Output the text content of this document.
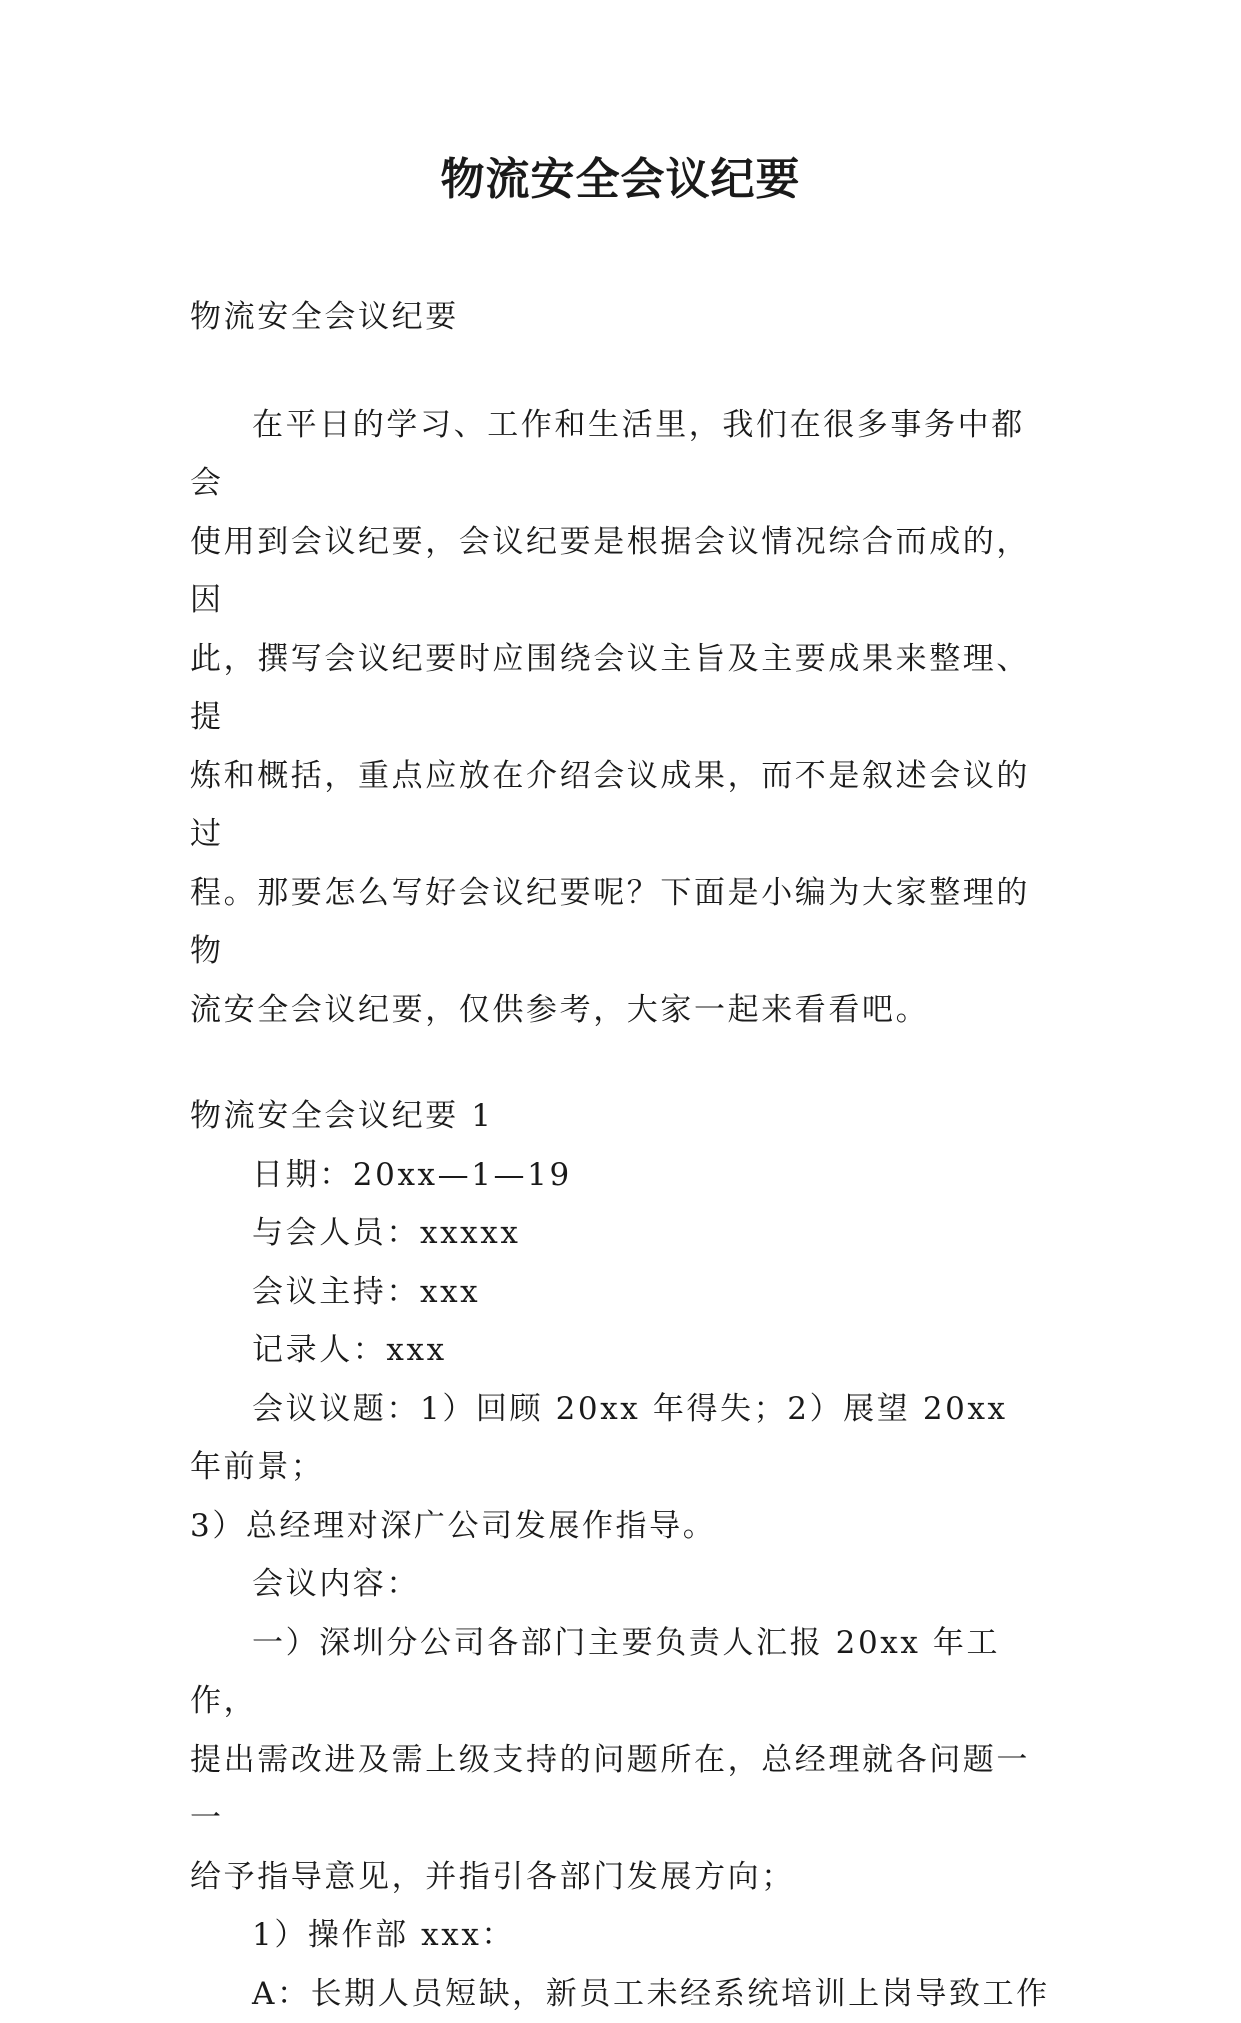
物流安全会议纪要

物流安全会议纪要

在平日的学习、工作和生活里，我们在很多事务中都会

使用到会议纪要，会议纪要是根据会议情况综合而成的，因

此，撰写会议纪要时应围绕会议主旨及主要成果来整理、提

炼和概括，重点应放在介绍会议成果，而不是叙述会议的过

程。那要怎么写好会议纪要呢？下面是小编为大家整理的物

流安全会议纪要，仅供参考，大家一起来看看吧。

物流安全会议纪要 1

日期：20xx—1—19

与会人员：xxxxx

会议主持：xxx

记录人：xxx

会议议题：1）回顾 20xx 年得失；2）展望 20xx 年前景；

3）总经理对深广公司发展作指导。

会议内容：

一）深圳分公司各部门主要负责人汇报 20xx 年工作，

提出需改进及需上级支持的问题所在，总经理就各问题一一

给予指导意见，并指引各部门发展方向；

1）操作部 xxx：

A：长期人员短缺，新员工未经系统培训上岗导致工作
